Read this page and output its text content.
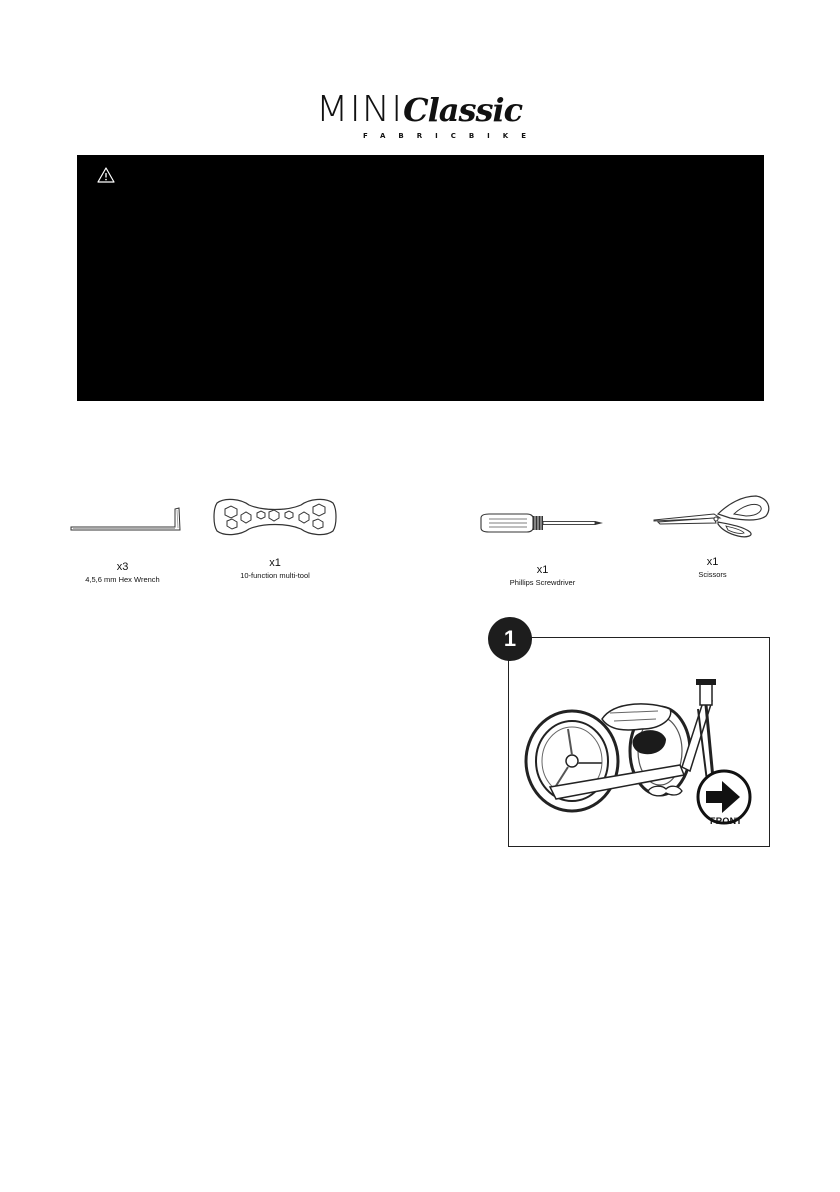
MINI Classic
FABRICBIKE
x3
4,5,6 mm Hex Wrench
x1
10-function multi-tool	x1
Phillips Screwdriver
x1
Scissors
1
FRONT
